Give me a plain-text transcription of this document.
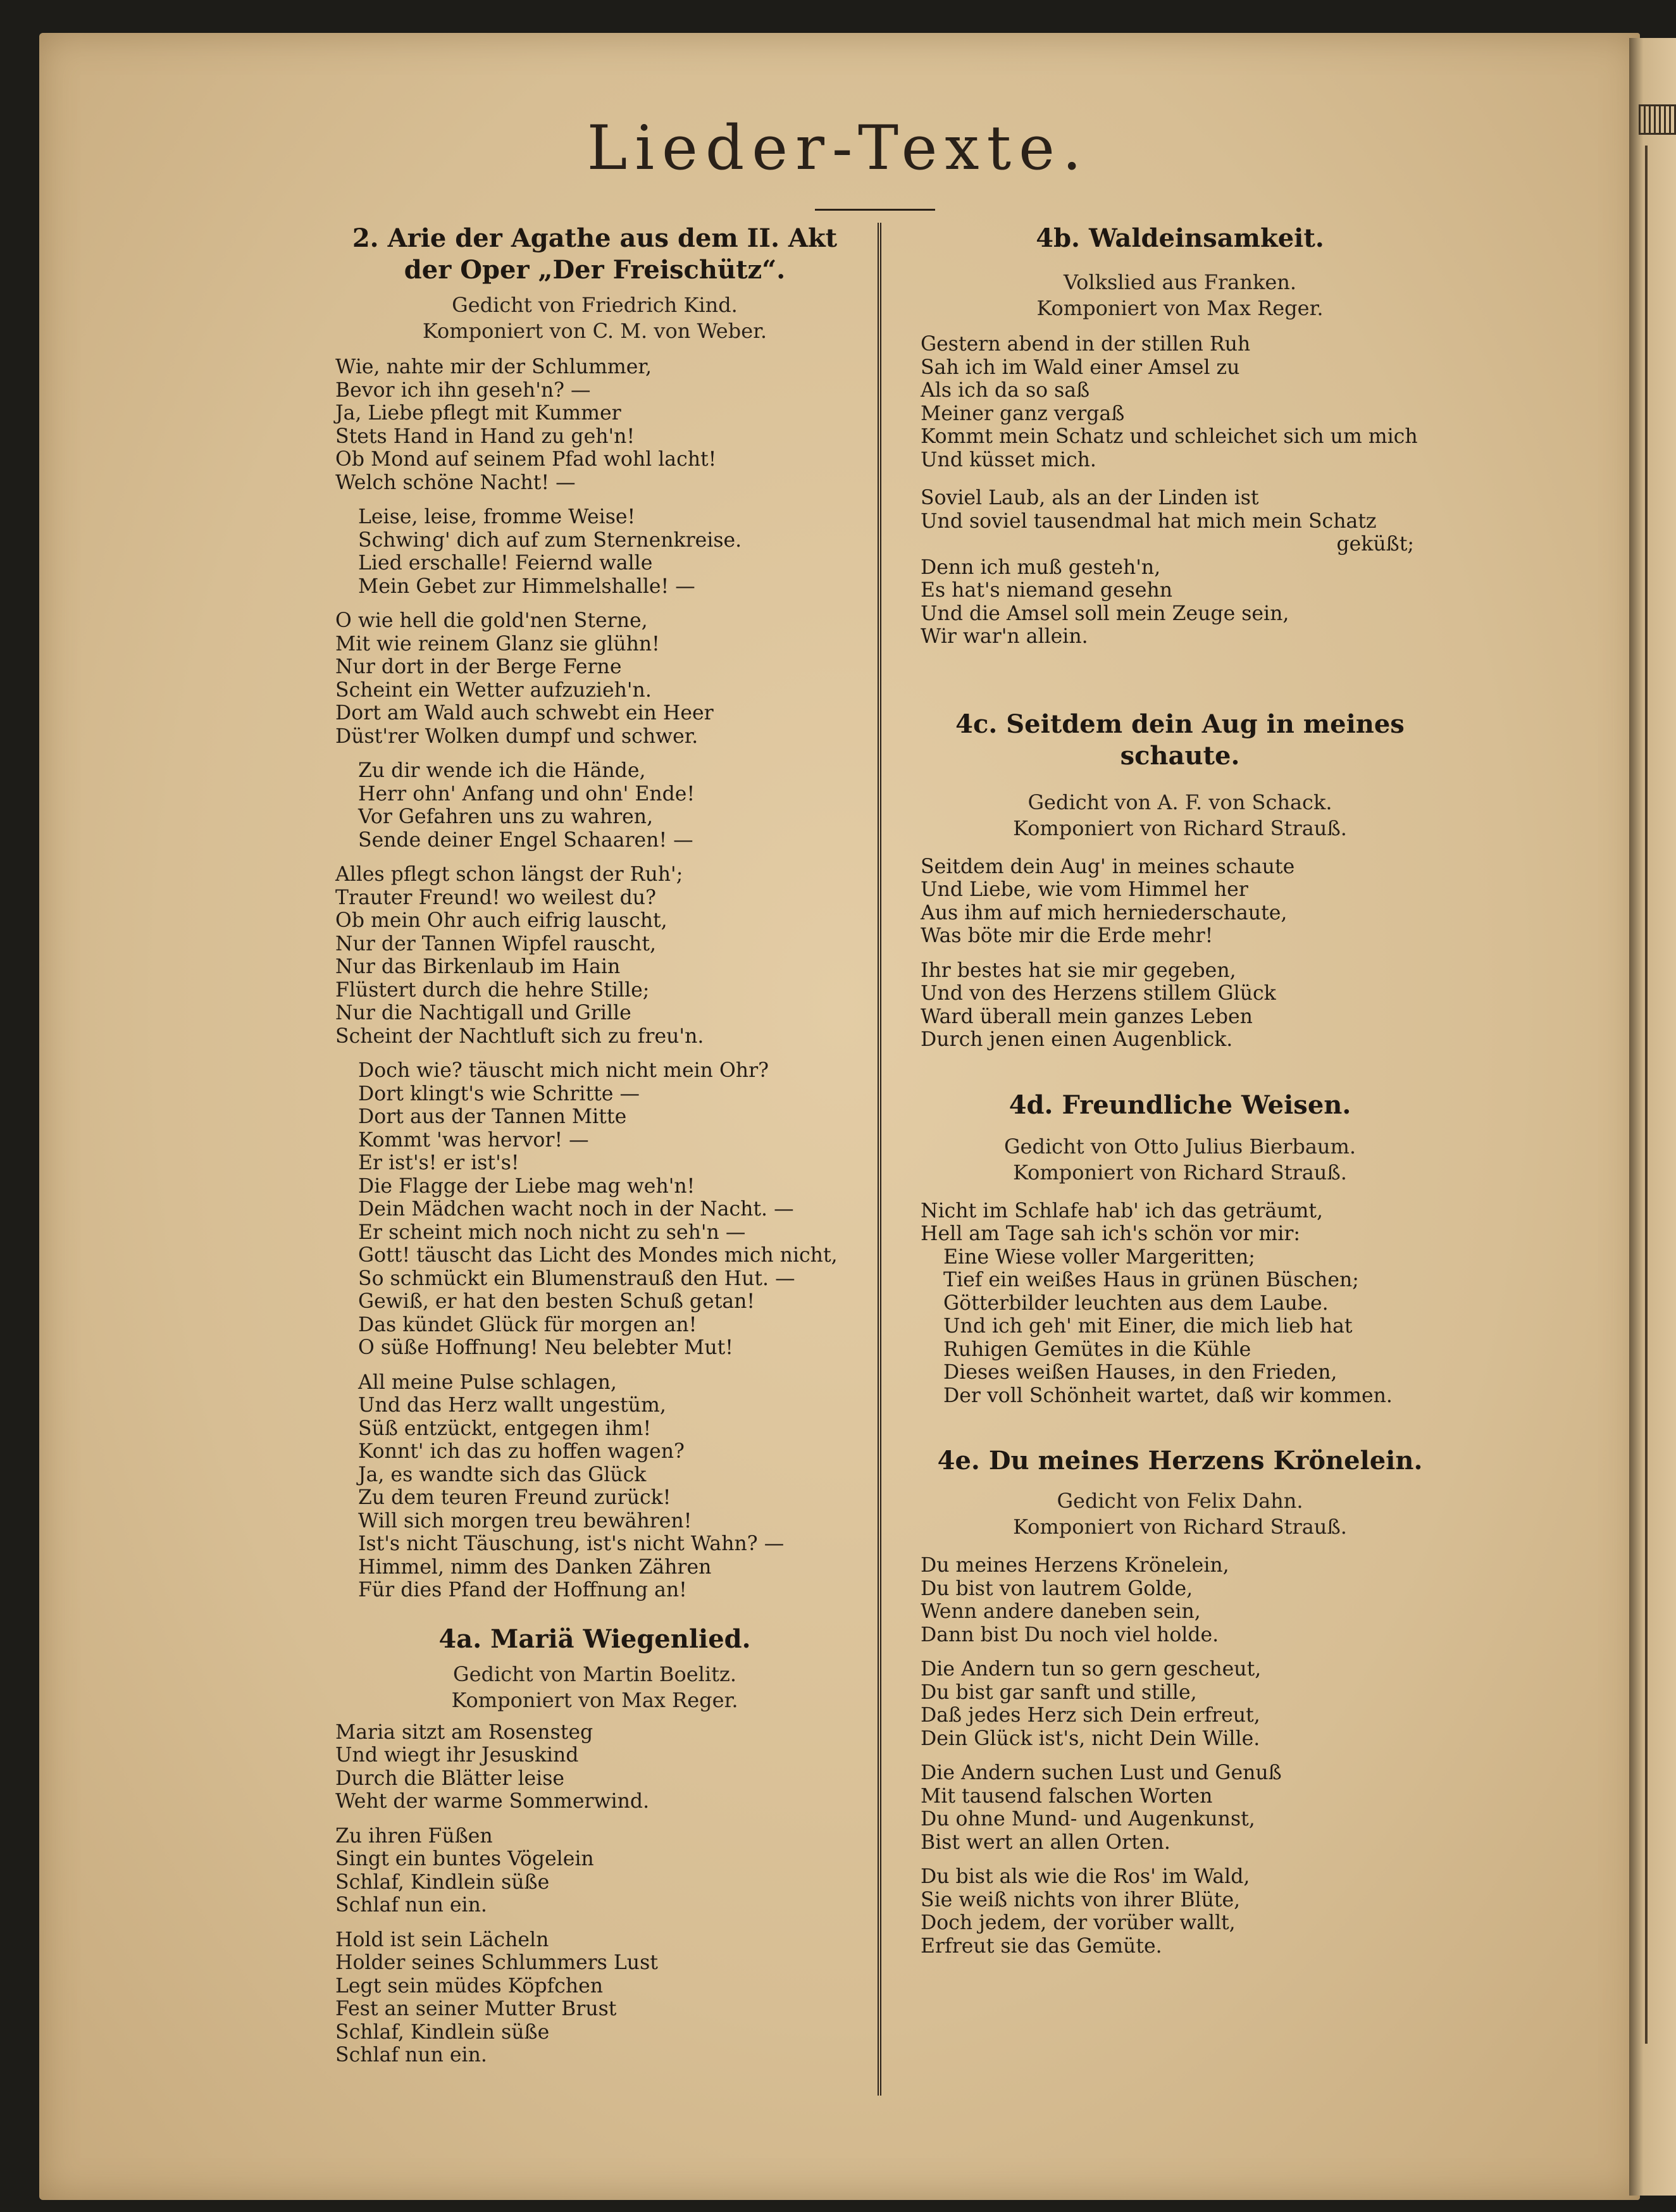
Lieder-Texte.
2. Arie der Agathe aus dem II. Akt der Oper „Der Freischütz“.
Gedicht von Friedrich Kind.
Komponiert von C. M. von Weber.
Wie, nahte mir der Schlummer,
Bevor ich ihn geseh'n? —
Ja, Liebe pflegt mit Kummer
Stets Hand in Hand zu geh'n!
Ob Mond auf seinem Pfad wohl lacht!
Welch schöne Nacht! —
Leise, leise, fromme Weise!
Schwing' dich auf zum Sternenkreise.
Lied erschalle! Feiernd walle
Mein Gebet zur Himmelshalle! —
O wie hell die gold'nen Sterne,
Mit wie reinem Glanz sie glühn!
Nur dort in der Berge Ferne
Scheint ein Wetter aufzuzieh'n.
Dort am Wald auch schwebt ein Heer
Düst'rer Wolken dumpf und schwer.
Zu dir wende ich die Hände,
Herr ohn' Anfang und ohn' Ende!
Vor Gefahren uns zu wahren,
Sende deiner Engel Schaaren! —
Alles pflegt schon längst der Ruh';
Trauter Freund! wo weilest du?
Ob mein Ohr auch eifrig lauscht,
Nur der Tannen Wipfel rauscht,
Nur das Birkenlaub im Hain
Flüstert durch die hehre Stille;
Nur die Nachtigall und Grille
Scheint der Nachtluft sich zu freu'n.
Doch wie? täuscht mich nicht mein Ohr?
Dort klingt's wie Schritte —
Dort aus der Tannen Mitte
Kommt 'was hervor! —
Er ist's! er ist's!
Die Flagge der Liebe mag weh'n!
Dein Mädchen wacht noch in der Nacht. —
Er scheint mich noch nicht zu seh'n —
Gott! täuscht das Licht des Mondes mich nicht,
So schmückt ein Blumenstrauß den Hut. —
Gewiß, er hat den besten Schuß getan!
Das kündet Glück für morgen an!
O süße Hoffnung! Neu belebter Mut!
All meine Pulse schlagen,
Und das Herz wallt ungestüm,
Süß entzückt, entgegen ihm!
Konnt' ich das zu hoffen wagen?
Ja, es wandte sich das Glück
Zu dem teuren Freund zurück!
Will sich morgen treu bewähren!
Ist's nicht Täuschung, ist's nicht Wahn? —
Himmel, nimm des Danken Zähren
Für dies Pfand der Hoffnung an!
4a. Mariä Wiegenlied.
Gedicht von Martin Boelitz.
Komponiert von Max Reger.
Maria sitzt am Rosensteg
Und wiegt ihr Jesuskind
Durch die Blätter leise
Weht der warme Sommerwind.
Zu ihren Füßen
Singt ein buntes Vögelein
Schlaf, Kindlein süße
Schlaf nun ein.
Hold ist sein Lächeln
Holder seines Schlummers Lust
Legt sein müdes Köpfchen
Fest an seiner Mutter Brust
Schlaf, Kindlein süße
Schlaf nun ein.
4b. Waldeinsamkeit.
Volkslied aus Franken.
Komponiert von Max Reger.
Gestern abend in der stillen Ruh
Sah ich im Wald einer Amsel zu
Als ich da so saß
Meiner ganz vergaß
Kommt mein Schatz und schleichet sich um mich
Und küsset mich.
Soviel Laub, als an der Linden ist
Und soviel tausendmal hat mich mein Schatz
geküßt;
Denn ich muß gesteh'n,
Es hat's niemand gesehn
Und die Amsel soll mein Zeuge sein,
Wir war'n allein.
4c. Seitdem dein Aug in meines schaute.
Gedicht von A. F. von Schack.
Komponiert von Richard Strauß.
Seitdem dein Aug' in meines schaute
Und Liebe, wie vom Himmel her
Aus ihm auf mich herniederschaute,
Was böte mir die Erde mehr!
Ihr bestes hat sie mir gegeben,
Und von des Herzens stillem Glück
Ward überall mein ganzes Leben
Durch jenen einen Augenblick.
4d. Freundliche Weisen.
Gedicht von Otto Julius Bierbaum.
Komponiert von Richard Strauß.
Nicht im Schlafe hab' ich das geträumt,
Hell am Tage sah ich's schön vor mir:
Eine Wiese voller Margeritten;
Tief ein weißes Haus in grünen Büschen;
Götterbilder leuchten aus dem Laube.
Und ich geh' mit Einer, die mich lieb hat
Ruhigen Gemütes in die Kühle
Dieses weißen Hauses, in den Frieden,
Der voll Schönheit wartet, daß wir kommen.
4e. Du meines Herzens Krönelein.
Gedicht von Felix Dahn.
Komponiert von Richard Strauß.
Du meines Herzens Krönelein,
Du bist von lautrem Golde,
Wenn andere daneben sein,
Dann bist Du noch viel holde.
Die Andern tun so gern gescheut,
Du bist gar sanft und stille,
Daß jedes Herz sich Dein erfreut,
Dein Glück ist's, nicht Dein Wille.
Die Andern suchen Lust und Genuß
Mit tausend falschen Worten
Du ohne Mund- und Augenkunst,
Bist wert an allen Orten.
Du bist als wie die Ros' im Wald,
Sie weiß nichts von ihrer Blüte,
Doch jedem, der vorüber wallt,
Erfreut sie das Gemüte.
